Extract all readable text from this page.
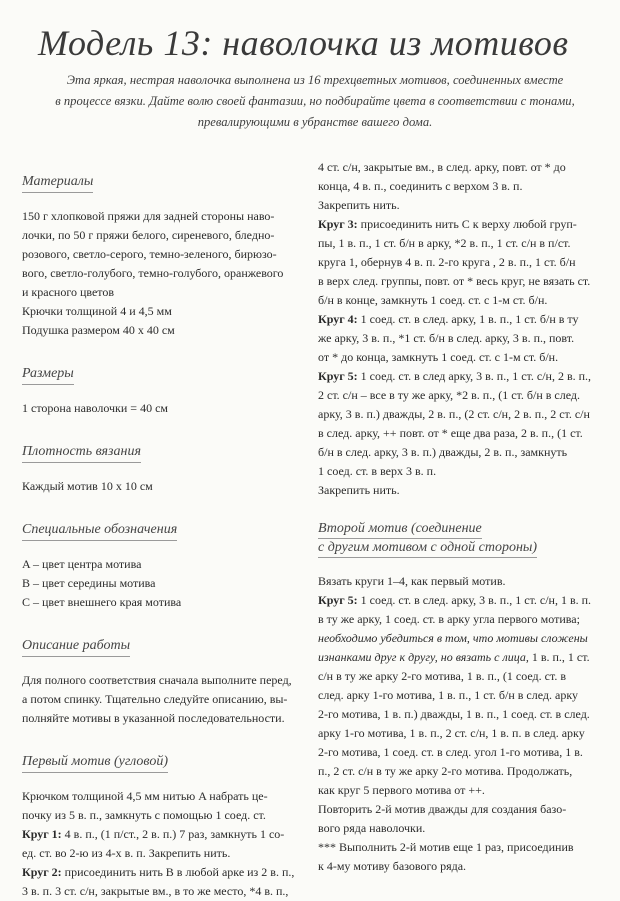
Модель 13: наволочка из мотивов
Эта яркая, нестрая наволочка выполнена из 16 трехцветных мотивов, соединенных вместе
в процессе вязки. Дайте волю своей фантазии, но подбирайте цвета в соответствии с тонами,
превалирующими в убранстве вашего дома.
Материалы

150 г хлопковой пряжи для задней стороны наво-

лочки, по 50 г пряжи белого, сиреневого, бледно-

розового, светло-серого, темно-зеленого, бирюзо-

вого, светло-голубого, темно-голубого, оранжевого

и красного цветов

Крючки толщиной 4 и 4,5 мм

Подушка размером 40 x 40 см

Размеры

1 сторона наволочки = 40 см

Плотность вязания

Каждый мотив 10 x 10 см

Специальные обозначения

A – цвет центра мотива

B – цвет середины мотива

C – цвет внешнего края мотива

Описание работы

Для полного соответствия сначала выполните перед,

а потом спинку. Тщательно следуйте описанию, вы-

полняйте мотивы в указанной последовательности.

Первый мотив (угловой)

Крючком толщиной 4,5 мм нитью A набрать це-

почку из 5 в. п., замкнуть с помощью 1 соед. ст.

Круг 1: 4 в. п., (1 п/ст., 2 в. п.) 7 раз, замкнуть 1 со-

ед. ст. во 2-ю из 4-х в. п. Закрепить нить.

Круг 2: присоединить нить B в любой арке из 2 в. п.,

3 в. п. 3 ст. с/н, закрытые вм., в то же место, *4 в. п.,

4 ст. с/н, закрытые вм., в след. арку, повт. от * до

конца, 4 в. п., соединить с верхом 3 в. п.

Закрепить нить.

Круг 3: присоединить нить C к верху любой груп-

пы, 1 в. п., 1 ст. б/н в арку, *2 в. п., 1 ст. с/н в п/ст.

круга 1, обернув 4 в. п. 2-го круга , 2 в. п., 1 ст. б/н

в верх след. группы, повт. от * весь круг, не вязать ст.

б/н в конце, замкнуть 1 соед. ст. с 1-м ст. б/н.

Круг 4: 1 соед. ст. в след. арку, 1 в. п., 1 ст. б/н в ту

же арку, 3 в. п., *1 ст. б/н в след. арку, 3 в. п., повт.

от * до конца, замкнуть 1 соед. ст. с 1-м ст. б/н.

Круг 5: 1 соед. ст. в след арку, 3 в. п., 1 ст. с/н, 2 в. п.,

2 ст. с/н – все в ту же арку, *2 в. п., (1 ст. б/н в след.

арку, 3 в. п.) дважды, 2 в. п., (2 ст. с/н, 2 в. п., 2 ст. с/н

в след. арку, ++ повт. от * еще два раза, 2 в. п., (1 ст.

б/н в след. арку, 3 в. п.) дважды, 2 в. п., замкнуть

1 соед. ст. в верх 3 в. п.

Закрепить нить.

Второй мотив (соединение
с другим мотивом с одной стороны)

Вязать круги 1–4, как первый мотив.

Круг 5: 1 соед. ст. в след. арку, 3 в. п., 1 ст. с/н, 1 в. п.

в ту же арку, 1 соед. ст. в арку угла первого мотива;

необходимо убедиться в том, что мотивы сложены

изнанками друг к другу, но вязать с лица, 1 в. п., 1 ст.

с/н в ту же арку 2-го мотива, 1 в. п., (1 соед. ст. в

след. арку 1-го мотива, 1 в. п., 1 ст. б/н в след. арку

2-го мотива, 1 в. п.) дважды, 1 в. п., 1 соед. ст. в след.

арку 1-го мотива, 1 в. п., 2 ст. с/н, 1 в. п. в след. арку

2-го мотива, 1 соед. ст. в след. угол 1-го мотива, 1 в.

п., 2 ст. с/н в ту же арку 2-го мотива. Продолжать,

как круг 5 первого мотива от ++.

Повторить 2-й мотив дважды для создания базо-

вого ряда наволочки.

*** Выполнить 2-й мотив еще 1 раз, присоединив

к 4-му мотиву базового ряда.
